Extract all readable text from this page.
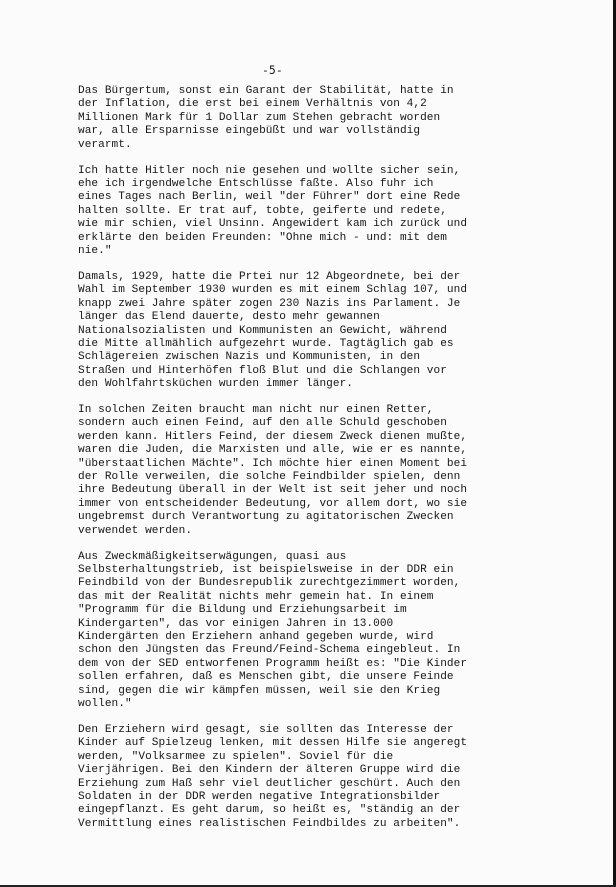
-5-

Das Bürgertum, sonst ein Garant der Stabilität, hatte in
der Inflation, die erst bei einem Verhältnis von 4,2
Millionen Mark für 1 Dollar zum Stehen gebracht worden
war, alle Ersparnisse eingebüßt und war vollständig
verarmt.

Ich hatte Hitler noch nie gesehen und wollte sicher sein,
ehe ich irgendwelche Entschlüsse faßte. Also fuhr ich
eines Tages nach Berlin, weil "der Führer" dort eine Rede
halten sollte. Er trat auf, tobte, geiferte und redete,
wie mir schien, viel Unsinn. Angewidert kam ich zurück und
erklärte den beiden Freunden: "Ohne mich - und: mit dem
nie."

Damals, 1929, hatte die Prtei nur 12 Abgeordnete, bei der
Wahl im September 1930 wurden es mit einem Schlag 107, und
knapp zwei Jahre später zogen 230 Nazis ins Parlament. Je
länger das Elend dauerte, desto mehr gewannen
Nationalsozialisten und Kommunisten an Gewicht, während
die Mitte allmählich aufgezehrt wurde. Tagtäglich gab es
Schlägereien zwischen Nazis und Kommunisten, in den
Straßen und Hinterhöfen floß Blut und die Schlangen vor
den Wohlfahrtsküchen wurden immer länger.

In solchen Zeiten braucht man nicht nur einen Retter,
sondern auch einen Feind, auf den alle Schuld geschoben
werden kann. Hitlers Feind, der diesem Zweck dienen mußte,
waren die Juden, die Marxisten und alle, wie er es nannte,
"überstaatlichen Mächte". Ich möchte hier einen Moment bei
der Rolle verweilen, die solche Feindbilder spielen, denn
ihre Bedeutung überall in der Welt ist seit jeher und noch
immer von entscheidender Bedeutung, vor allem dort, wo sie
ungebremst durch Verantwortung zu agitatorischen Zwecken
verwendet werden.

Aus Zweckmäßigkeitserwägungen, quasi aus
Selbsterhaltungstrieb, ist beispielsweise in der DDR ein
Feindbild von der Bundesrepublik zurechtgezimmert worden,
das mit der Realität nichts mehr gemein hat. In einem
"Programm für die Bildung und Erziehungsarbeit im
Kindergarten", das vor einigen Jahren in 13.000
Kindergärten den Erziehern anhand gegeben wurde, wird
schon den Jüngsten das Freund/Feind-Schema eingebleut. In
dem von der SED entworfenen Programm heißt es: "Die Kinder
sollen erfahren, daß es Menschen gibt, die unsere Feinde
sind, gegen die wir kämpfen müssen, weil sie den Krieg
wollen."

Den Erziehern wird gesagt, sie sollten das Interesse der
Kinder auf Spielzeug lenken, mit dessen Hilfe sie angeregt
werden, "Volksarmee zu spielen". Soviel für die
Vierjährigen. Bei den Kindern der älteren Gruppe wird die
Erziehung zum Haß sehr viel deutlicher geschürt. Auch den
Soldaten in der DDR werden negative Integrationsbilder
eingepflanzt. Es geht darum, so heißt es, "ständig an der
Vermittlung eines realistischen Feindbildes zu arbeiten".
